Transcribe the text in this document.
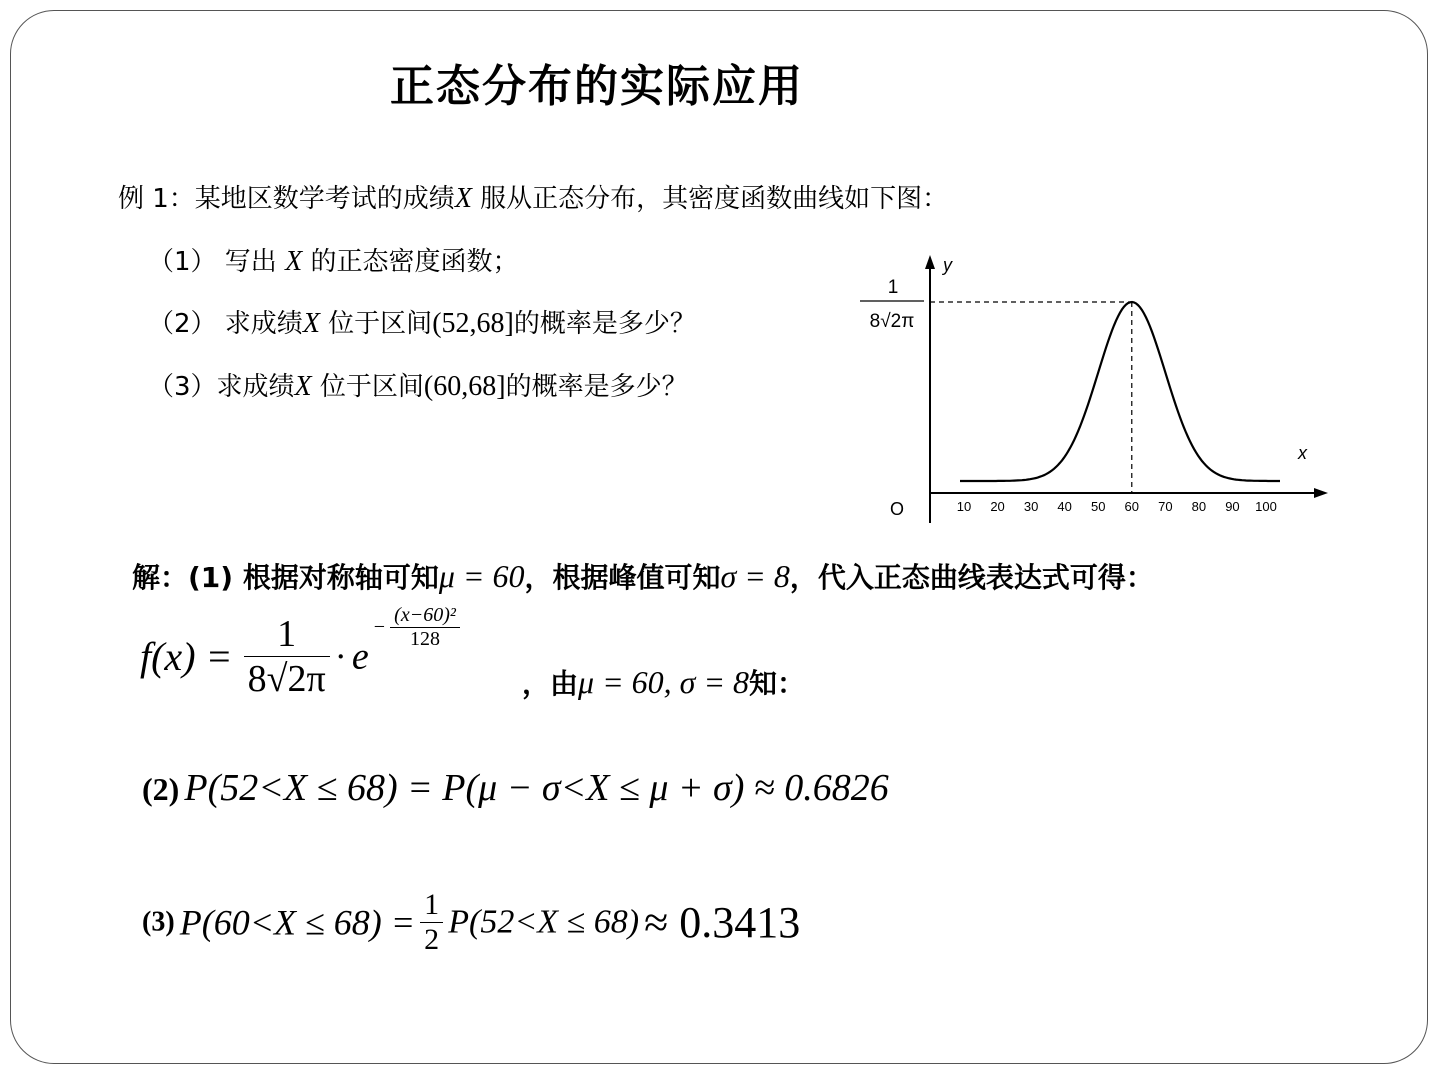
正态分布的实际应用
例 1：某地区数学考试的成绩X 服从正态分布，其密度函数曲线如下图：
（1） 写出 X 的正态密度函数；
（2） 求成绩X 位于区间(52,68]的概率是多少？
（3）求成绩X 位于区间(60,68]的概率是多少？
y
x
O
1
8√2π
10 20 30 40 50 60 70 80 90 100
解：(1) 根据对称轴可知μ = 60，根据峰值可知σ = 8，代入正态曲线表达式可得：
$f(x) = \frac{1}{8√2\pi} \cdot e - \frac{\text{(x−60)²}}{128}$
，由μ = 60, σ = 8知：
(2) P(52<X ≤ 68) = P(μ − σ<X ≤ μ + σ) ≈ 0.6826
(3) $P(60<X \le 68) = \frac{1}{2} P(52<X \le 68) \approx 0.3413$
